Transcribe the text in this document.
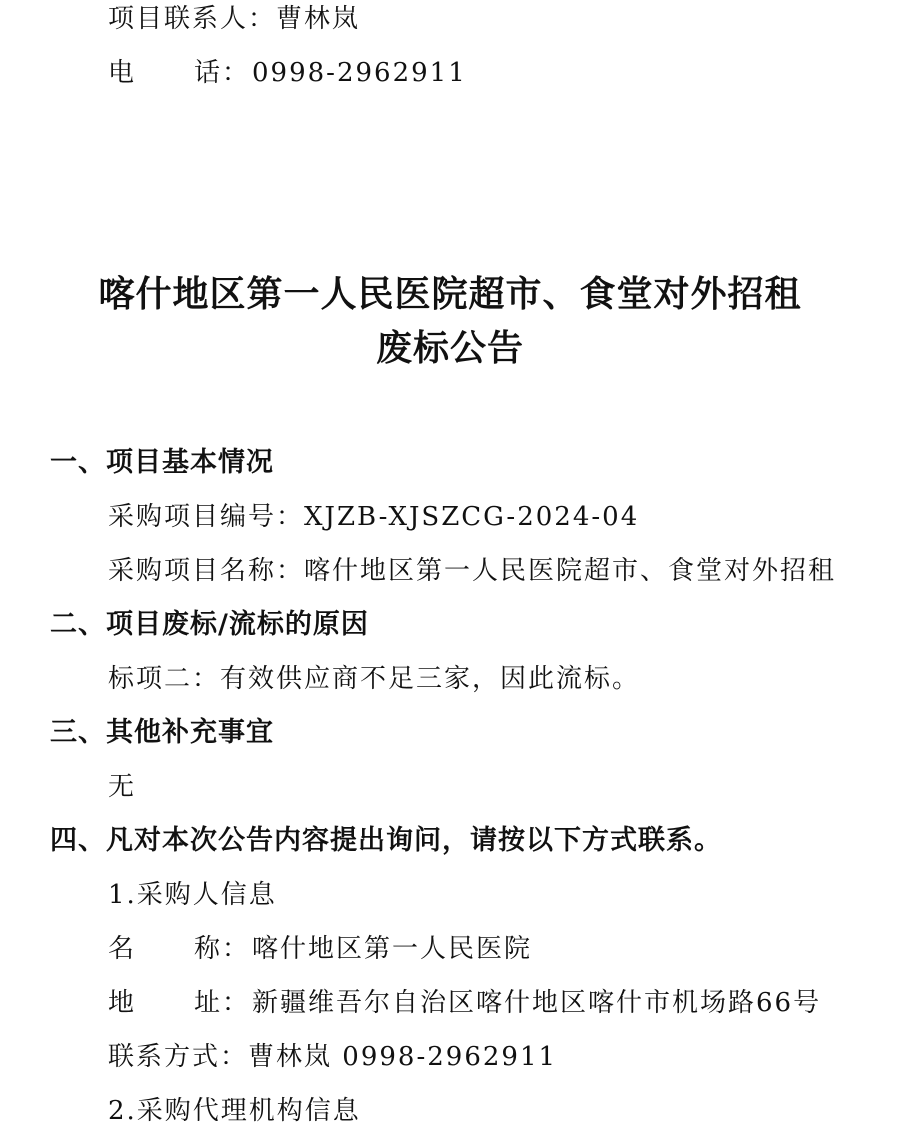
项目联系人：曹林岚
电 话：0998-2962911
喀什地区第一人民医院超市、食堂对外招租
废标公告
一、项目基本情况
采购项目编号：XJZB-XJSZCG-2024-04
采购项目名称：喀什地区第一人民医院超市、食堂对外招租
二、项目废标/流标的原因
标项二：有效供应商不足三家，因此流标。
三、其他补充事宜
无
四、凡对本次公告内容提出询问，请按以下方式联系。
1.采购人信息
名 称：喀什地区第一人民医院
地 址：新疆维吾尔自治区喀什地区喀什市机场路66号
联系方式：曹林岚 0998-2962911
2.采购代理机构信息
